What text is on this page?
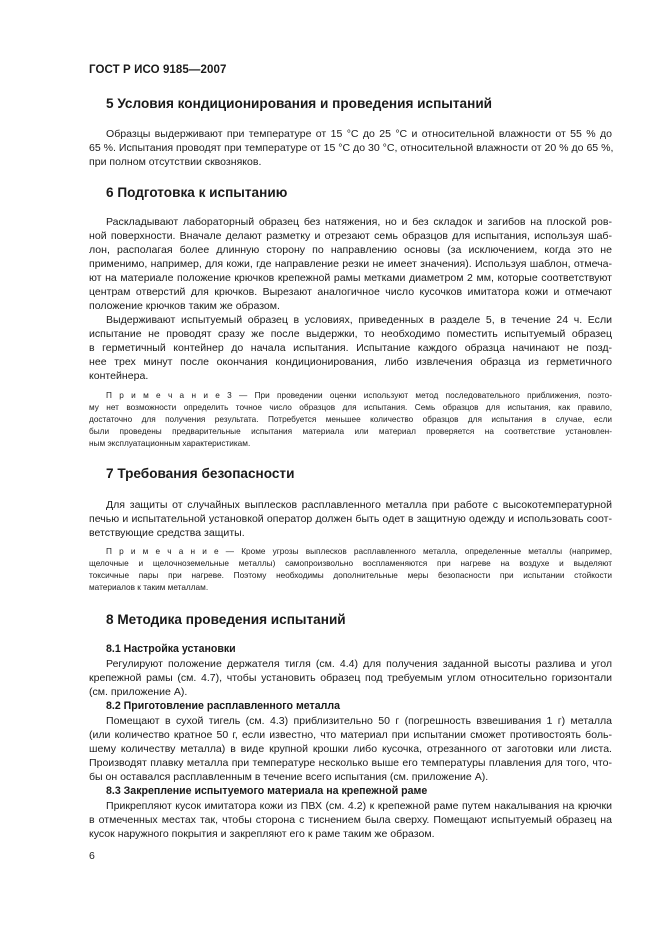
ГОСТ Р ИСО 9185—2007
5 Условия кондиционирования и проведения испытаний
Образцы выдерживают при температуре от 15 °С до 25 °С и относительной влажности от 55 % до
65 %. Испытания проводят при температуре от 15 °С до 30 °С, относительной влажности от 20 % до 65 %,
при полном отсутствии сквозняков.
6 Подготовка к испытанию
Раскладывают лабораторный образец без натяжения, но и без складок и загибов на плоской ров-
ной поверхности. Вначале делают разметку и отрезают семь образцов для испытания, используя шаб-
лон, располагая более длинную сторону по направлению основы (за исключением, когда это не
применимо, например, для кожи, где направление резки не имеет значения). Используя шаблон, отмеча-
ют на материале положение крючков крепежной рамы метками диаметром 2 мм, которые соответствуют
центрам отверстий для крючков. Вырезают аналогичное число кусочков имитатора кожи и отмечают
положение крючков таким же образом.
Выдерживают испытуемый образец в условиях, приведенных в разделе 5, в течение 24 ч. Если
испытание не проводят сразу же после выдержки, то необходимо поместить испытуемый образец
в герметичный контейнер до начала испытания. Испытание каждого образца начинают не позд-
нее трех минут после окончания кондиционирования, либо извлечения образца из герметичного
контейнера.
П р и м е ч а н и е 3 — При проведении оценки используют метод последовательного приближения, поэто-
му нет возможности определить точное число образцов для испытания. Семь образцов для испытания, как правило,
достаточно для получения результата. Потребуется меньшее количество образцов для испытания в случае, если
были проведены предварительные испытания материала или материал проверяется на соответствие установлен-
ным эксплуатационным характеристикам.
7 Требования безопасности
Для защиты от случайных выплесков расплавленного металла при работе с высокотемпературной
печью и испытательной установкой оператор должен быть одет в защитную одежду и использовать соот-
ветствующие средства защиты.
П р и м е ч а н и е — Кроме угрозы выплесков расплавленного металла, определенные металлы (например,
щелочные и щелочноземельные металлы) самопроизвольно воспламеняются при нагреве на воздухе и выделяют
токсичные пары при нагреве. Поэтому необходимы дополнительные меры безопасности при испытании стойкости
материалов к таким металлам.
8 Методика проведения испытаний
8.1 Настройка установки
Регулируют положение держателя тигля (см. 4.4) для получения заданной высоты разлива и угол
крепежной рамы (см. 4.7), чтобы установить образец под требуемым углом относительно горизонтали
(см. приложение А).
8.2 Приготовление расплавленного металла
Помещают в сухой тигель (см. 4.3) приблизительно 50 г (погрешность взвешивания 1 г) металла
(или количество кратное 50 г, если известно, что материал при испытании сможет противостоять боль-
шему количеству металла) в виде крупной крошки либо кусочка, отрезанного от заготовки или листа.
Производят плавку металла при температуре несколько выше его температуры плавления для того, что-
бы он оставался расплавленным в течение всего испытания (см. приложение А).
8.3 Закрепление испытуемого материала на крепежной раме
Прикрепляют кусок имитатора кожи из ПВХ (см. 4.2) к крепежной раме путем накалывания на крючки
в отмеченных местах так, чтобы сторона с тиснением была сверху. Помещают испытуемый образец на
кусок наружного покрытия и закрепляют его к раме таким же образом.
6
